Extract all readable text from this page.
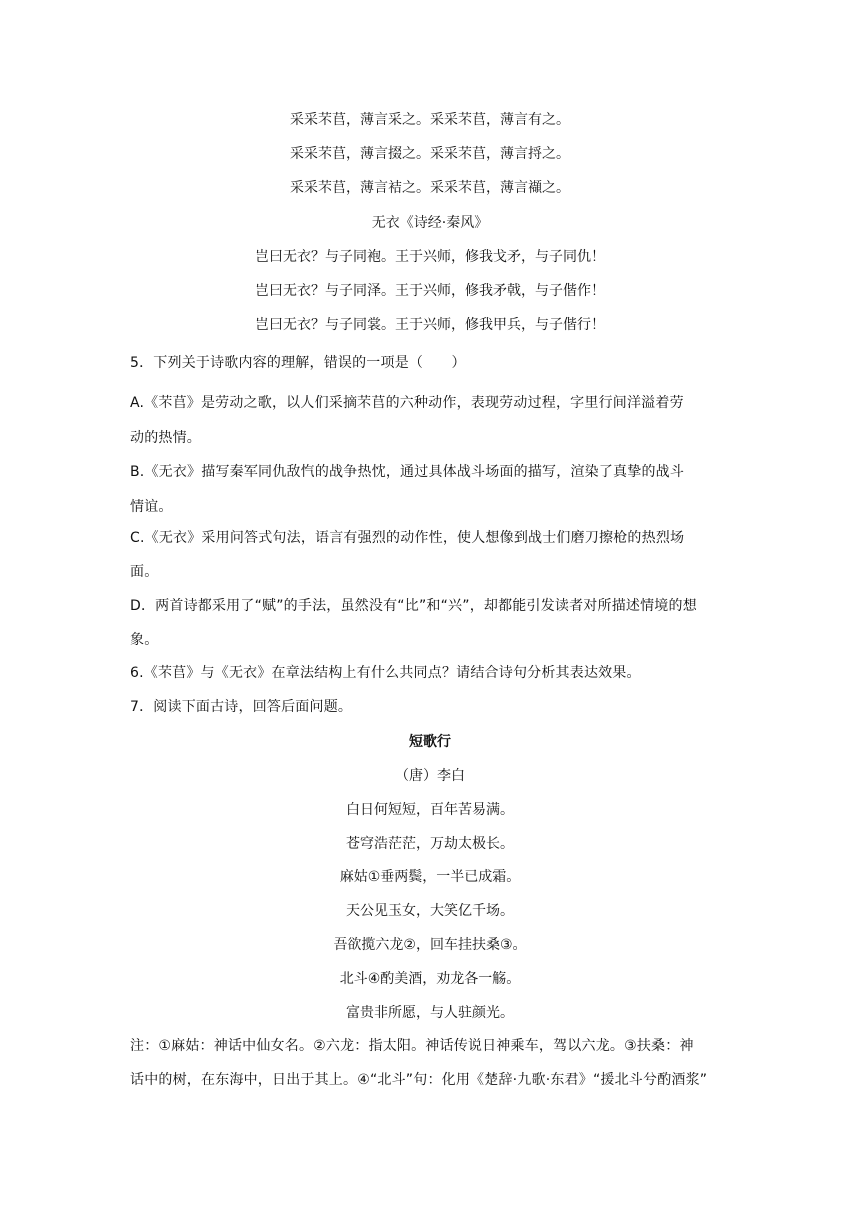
采采芣苢，薄言采之。采采芣苢，薄言有之。
采采芣苢，薄言掇之。采采芣苢，薄言捋之。
采采芣苢，薄言袺之。采采芣苢，薄言襭之。
无衣《诗经·秦风》
岂曰无衣？与子同袍。王于兴师，修我戈矛，与子同仇！
岂曰无衣？与子同泽。王于兴师，修我矛戟，与子偕作！
岂曰无衣？与子同裳。王于兴师，修我甲兵，与子偕行！
5．下列关于诗歌内容的理解，错误的一项是（　　）
A.《芣苢》是劳动之歌，以人们采摘芣苢的六种动作，表现劳动过程，字里行间洋溢着劳
动的热情。
B.《无衣》描写秦军同仇敌忾的战争热忱，通过具体战斗场面的描写，渲染了真挚的战斗
情谊。
C.《无衣》采用问答式句法，语言有强烈的动作性，使人想像到战士们磨刀擦枪的热烈场
面。
D．两首诗都采用了“赋”的手法，虽然没有“比”和“兴”，却都能引发读者对所描述情境的想
象。
6.《芣苢》与《无衣》在章法结构上有什么共同点？请结合诗句分析其表达效果。
7．阅读下面古诗，回答后面问题。
短歌行
（唐）李白
白日何短短，百年苦易满。
苍穹浩茫茫，万劫太极长。
麻姑①垂两鬓，一半已成霜。
天公见玉女，大笑亿千场。
吾欲揽六龙②，回车挂扶桑③。
北斗④酌美酒，劝龙各一觞。
富贵非所愿，与人驻颜光。
注：①麻姑：神话中仙女名。②六龙：指太阳。神话传说日神乘车，驾以六龙。③扶桑：神
话中的树，在东海中，日出于其上。④“北斗”句：化用《楚辞·九歌·东君》“援北斗兮酌酒浆”
